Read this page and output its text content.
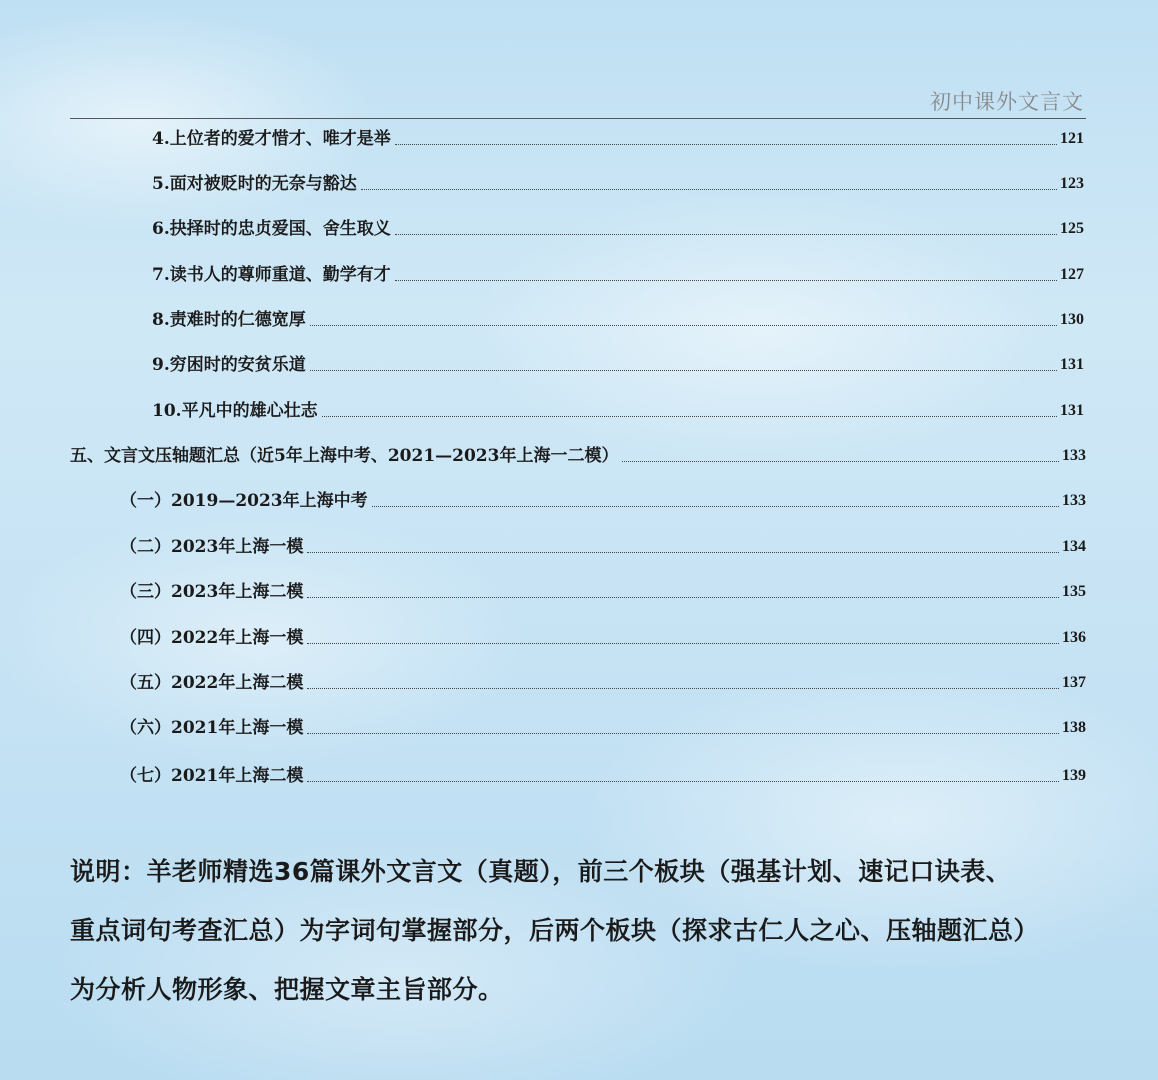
初中课外文言文
4.上位者的爱才惜才、唯才是举	121
5.面对被贬时的无奈与豁达	123
6.抉择时的忠贞爱国、舍生取义	125
7.读书人的尊师重道、勤学有才	127
8.责难时的仁德宽厚	130
9.穷困时的安贫乐道	131
10.平凡中的雄心壮志	131
五、文言文压轴题汇总（近5年上海中考、2021—2023年上海一二模）	133
（一）2019—2023年上海中考	133
（二）2023年上海一模	134
（三）2023年上海二模	135
（四）2022年上海一模	136
（五）2022年上海二模	137
（六）2021年上海一模	138
（七）2021年上海二模	139
说明：羊老师精选36篇课外文言文（真题），前三个板块（强基计划、速记口诀表、
重点词句考查汇总）为字词句掌握部分，后两个板块（探求古仁人之心、压轴题汇总）
为分析人物形象、把握文章主旨部分。
